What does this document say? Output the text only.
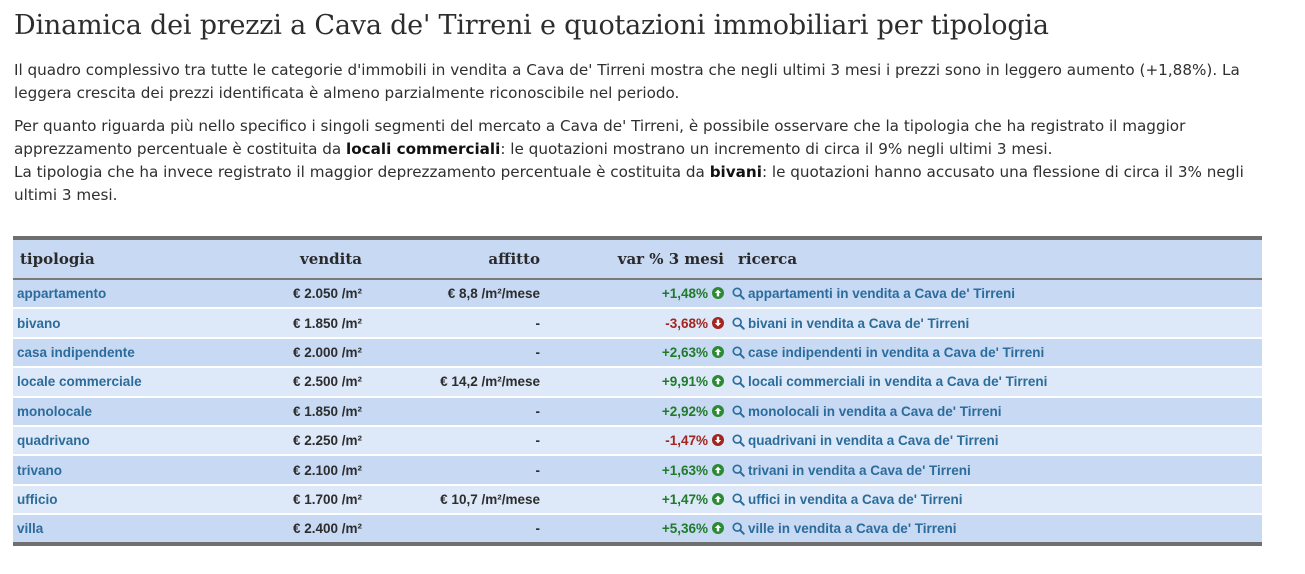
Dinamica dei prezzi a Cava de' Tirreni e quotazioni immobiliari per tipologia

Il quadro complessivo tra tutte le categorie d'immobili in vendita a Cava de' Tirreni mostra che negli ultimi 3 mesi i prezzi sono in leggero aumento (+1,88%). La leggera crescita dei prezzi identificata è almeno parzialmente riconoscibile nel periodo.

Per quanto riguarda più nello specifico i singoli segmenti del mercato a Cava de' Tirreni, è possibile osservare che la tipologia che ha registrato il maggior apprezzamento percentuale è costituita da locali commerciali: le quotazioni mostrano un incremento di circa il 9% negli ultimi 3 mesi.
La tipologia che ha invece registrato il maggior deprezzamento percentuale è costituita da bivani: le quotazioni hanno accusato una flessione di circa il 3% negli ultimi 3 mesi.

tipologia	vendita	affitto	var % 3 mesi	ricerca
appartamento	€ 2.050 /m²	€ 8,8 /m²/mese	+1,48%	appartamenti in vendita a Cava de' Tirreni
bivano	€ 1.850 /m²	-	-3,68%	bivani in vendita a Cava de' Tirreni
casa indipendente	€ 2.000 /m²	-	+2,63%	case indipendenti in vendita a Cava de' Tirreni
locale commerciale	€ 2.500 /m²	€ 14,2 /m²/mese	+9,91%	locali commerciali in vendita a Cava de' Tirreni
monolocale	€ 1.850 /m²	-	+2,92%	monolocali in vendita a Cava de' Tirreni
quadrivano	€ 2.250 /m²	-	-1,47%	quadrivani in vendita a Cava de' Tirreni
trivano	€ 2.100 /m²	-	+1,63%	trivani in vendita a Cava de' Tirreni
ufficio	€ 1.700 /m²	€ 10,7 /m²/mese	+1,47%	uffici in vendita a Cava de' Tirreni
villa	€ 2.400 /m²	-	+5,36%	ville in vendita a Cava de' Tirreni
